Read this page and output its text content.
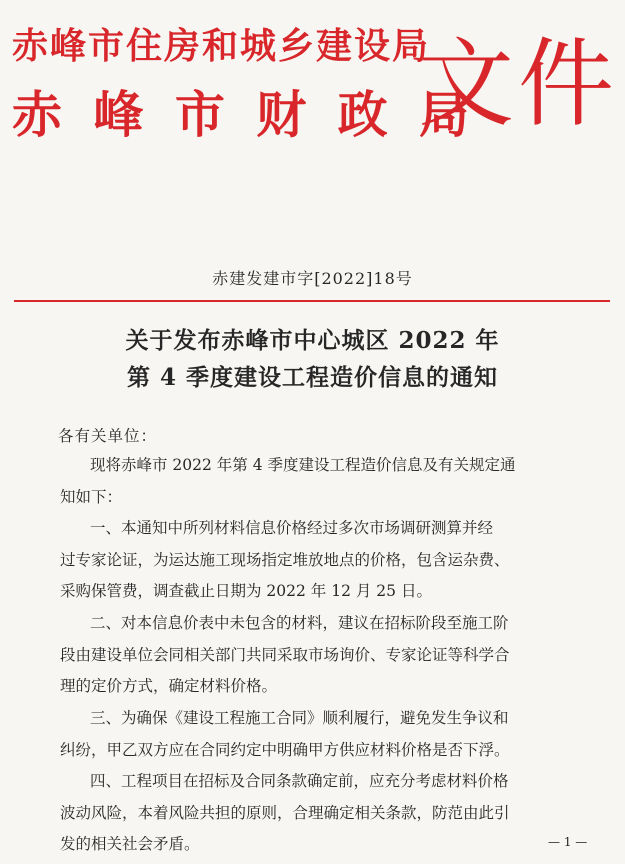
赤峰市住房和城乡建设局
赤 峰 市 财 政 局
文件
赤建发建市字[2022]18号
关于发布赤峰市中心城区 2022 年
第 4 季度建设工程造价信息的通知
各有关单位：
现将赤峰市 2022 年第 4 季度建设工程造价信息及有关规定通
知如下：
一、本通知中所列材料信息价格经过多次市场调研测算并经
过专家论证，为运达施工现场指定堆放地点的价格，包含运杂费、
采购保管费，调查截止日期为 2022 年 12 月 25 日。
二、对本信息价表中未包含的材料，建议在招标阶段至施工阶
段由建设单位会同相关部门共同采取市场询价、专家论证等科学合
理的定价方式，确定材料价格。
三、为确保《建设工程施工合同》顺利履行，避免发生争议和
纠纷，甲乙双方应在合同约定中明确甲方供应材料价格是否下浮。
四、工程项目在招标及合同条款确定前，应充分考虑材料价格
波动风险，本着风险共担的原则，合理确定相关条款，防范由此引
发的相关社会矛盾。	— 1 —
